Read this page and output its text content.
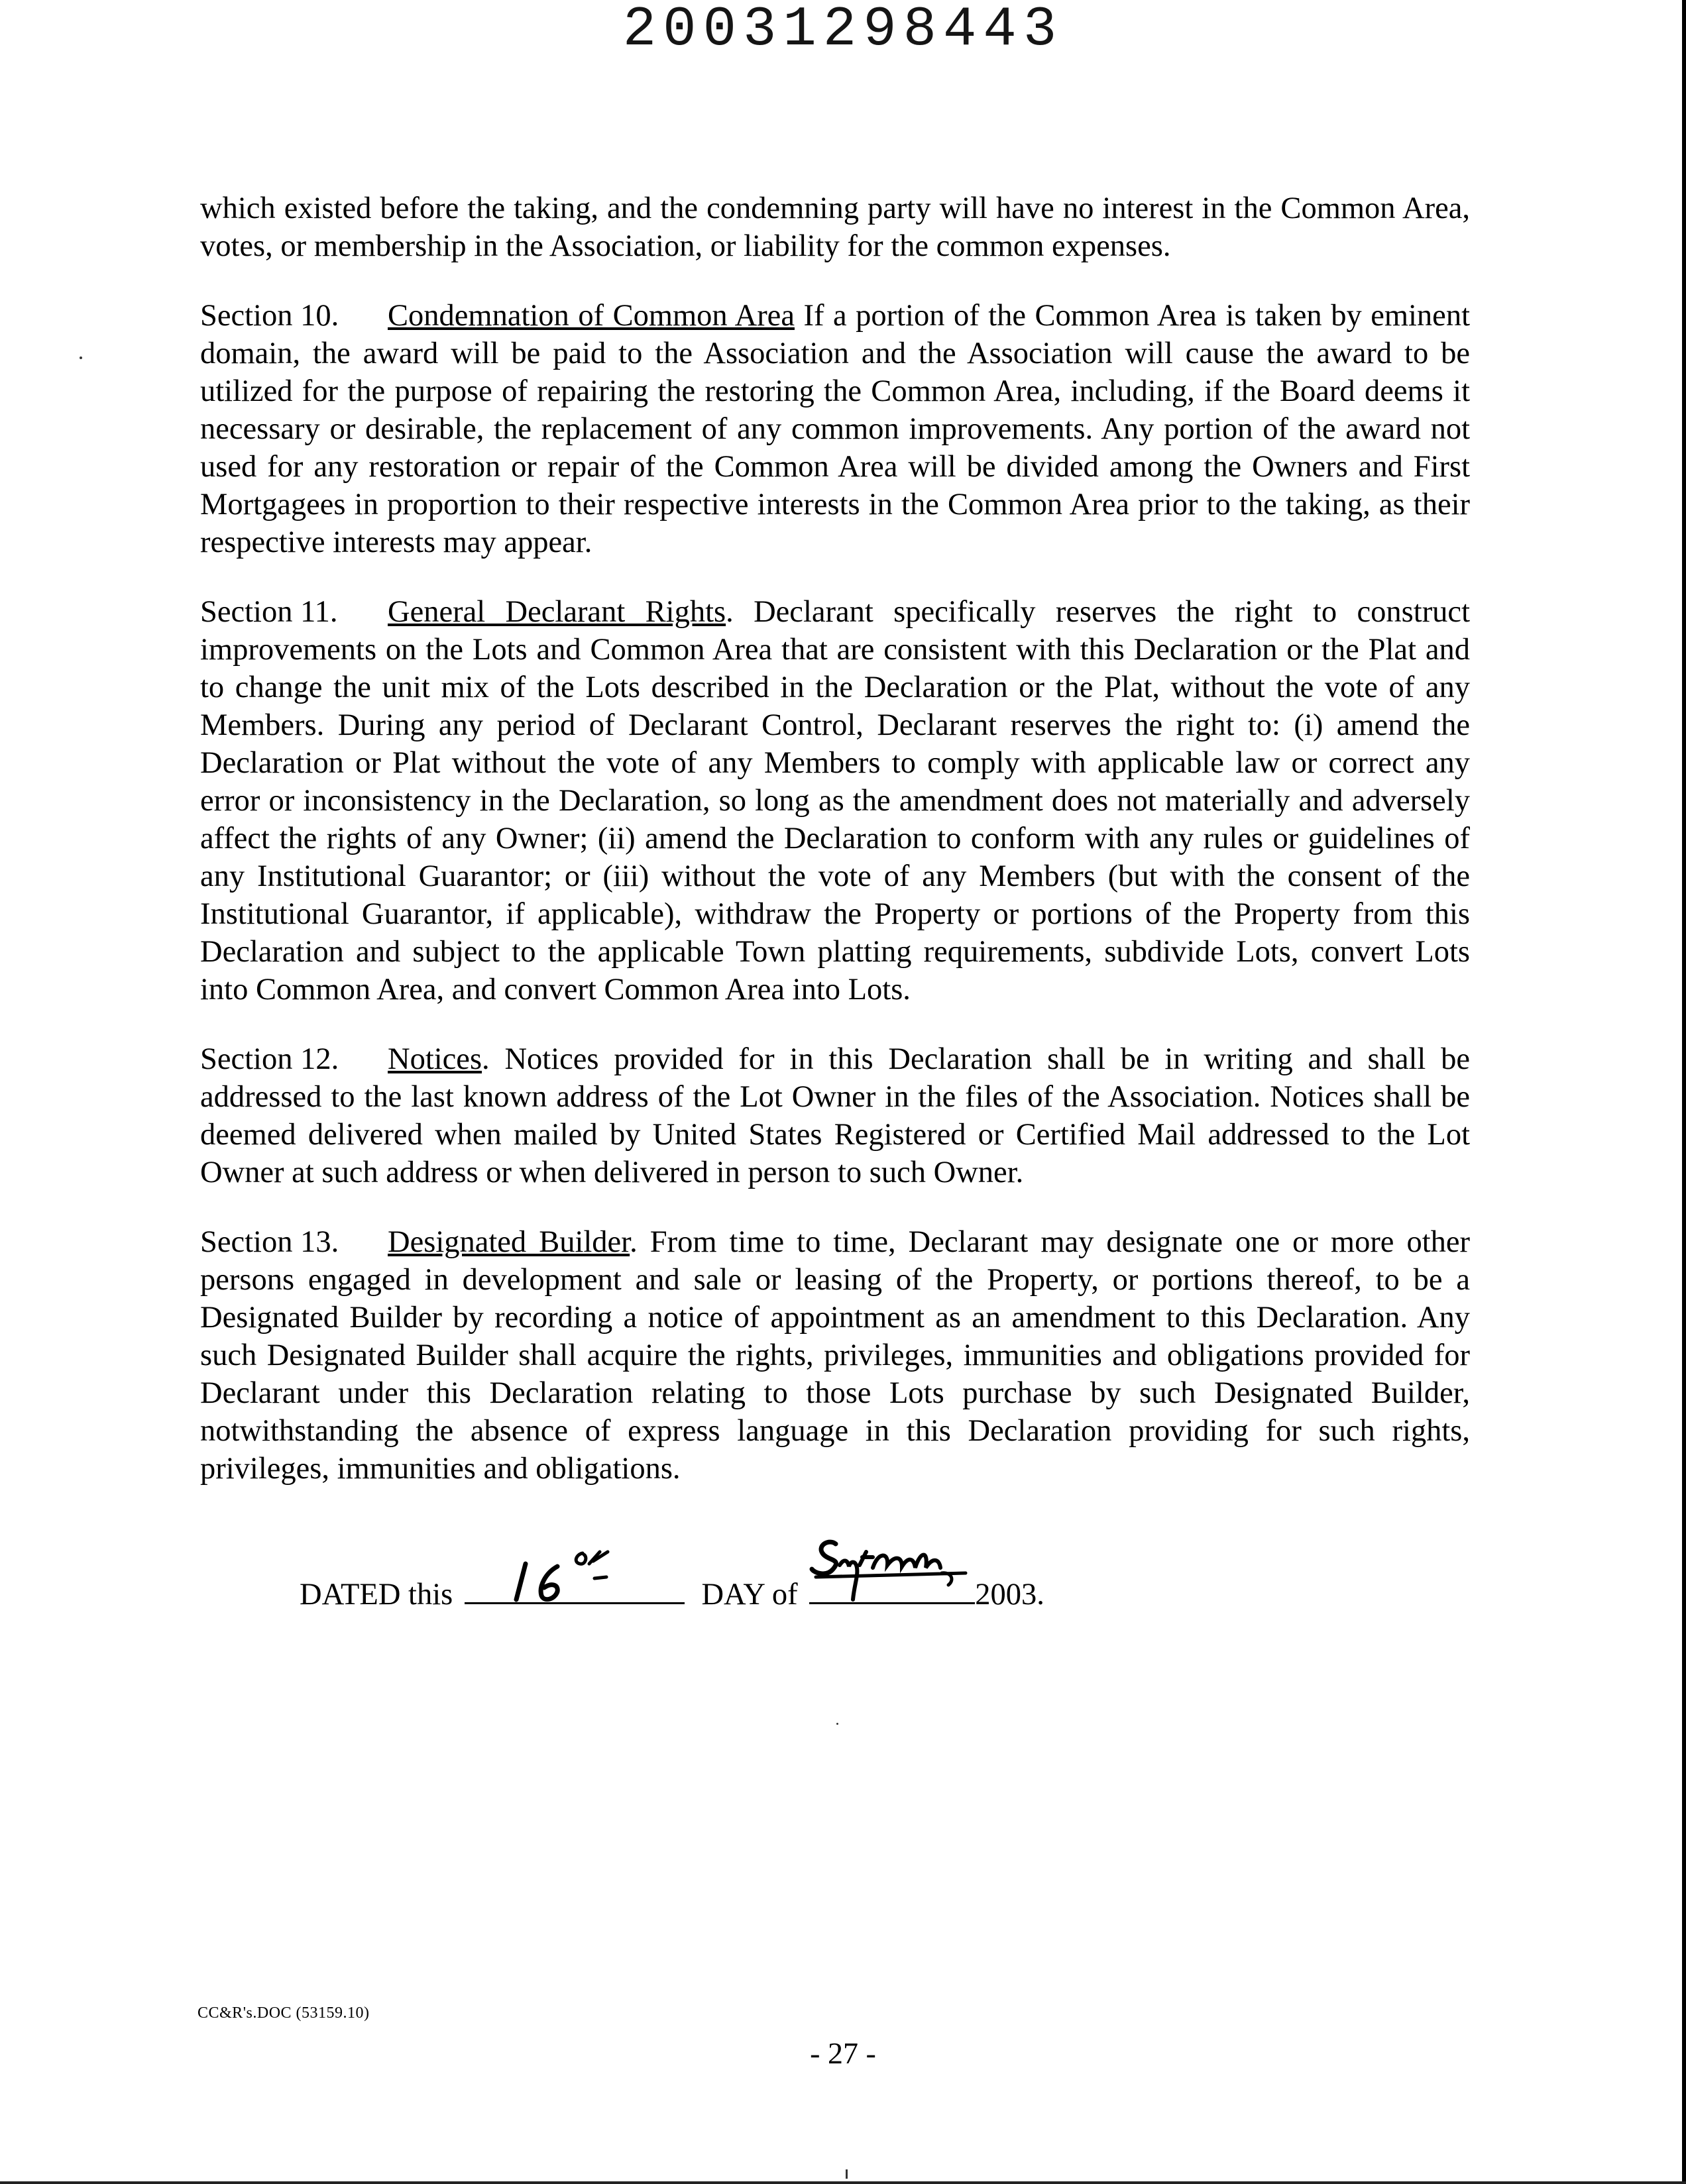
20031298443

which existed before the taking, and the condemning party will have no interest in the Common Area, votes, or membership in the Association, or liability for the common expenses.

Section 10. Condemnation of Common Area If a portion of the Common Area is taken by eminent domain, the award will be paid to the Association and the Association will cause the award to be utilized for the purpose of repairing the restoring the Common Area, including, if the Board deems it necessary or desirable, the replacement of any common improvements. Any portion of the award not used for any restoration or repair of the Common Area will be divided among the Owners and First Mortgagees in proportion to their respective interests in the Common Area prior to the taking, as their respective interests may appear.

Section 11. General Declarant Rights. Declarant specifically reserves the right to construct improvements on the Lots and Common Area that are consistent with this Declaration or the Plat and to change the unit mix of the Lots described in the Declaration or the Plat, without the vote of any Members. During any period of Declarant Control, Declarant reserves the right to: (i) amend the Declaration or Plat without the vote of any Members to comply with applicable law or correct any error or inconsistency in the Declaration, so long as the amendment does not materially and adversely affect the rights of any Owner; (ii) amend the Declaration to conform with any rules or guidelines of any Institutional Guarantor; or (iii) without the vote of any Members (but with the consent of the Institutional Guarantor, if applicable), withdraw the Property or portions of the Property from this Declaration and subject to the applicable Town platting requirements, subdivide Lots, convert Lots into Common Area, and convert Common Area into Lots.

Section 12. Notices. Notices provided for in this Declaration shall be in writing and shall be addressed to the last known address of the Lot Owner in the files of the Association. Notices shall be deemed delivered when mailed by United States Registered or Certified Mail addressed to the Lot Owner at such address or when delivered in person to such Owner.

Section 13. Designated Builder. From time to time, Declarant may designate one or more other persons engaged in development and sale or leasing of the Property, or portions thereof, to be a Designated Builder by recording a notice of appointment as an amendment to this Declaration. Any such Designated Builder shall acquire the rights, privileges, immunities and obligations provided for Declarant under this Declaration relating to those Lots purchase by such Designated Builder, notwithstanding the absence of express language in this Declaration providing for such rights, privileges, immunities and obligations.

DATED this	DAY of	2003.
CC&R's.DOC (53159.10)
- 27 -
